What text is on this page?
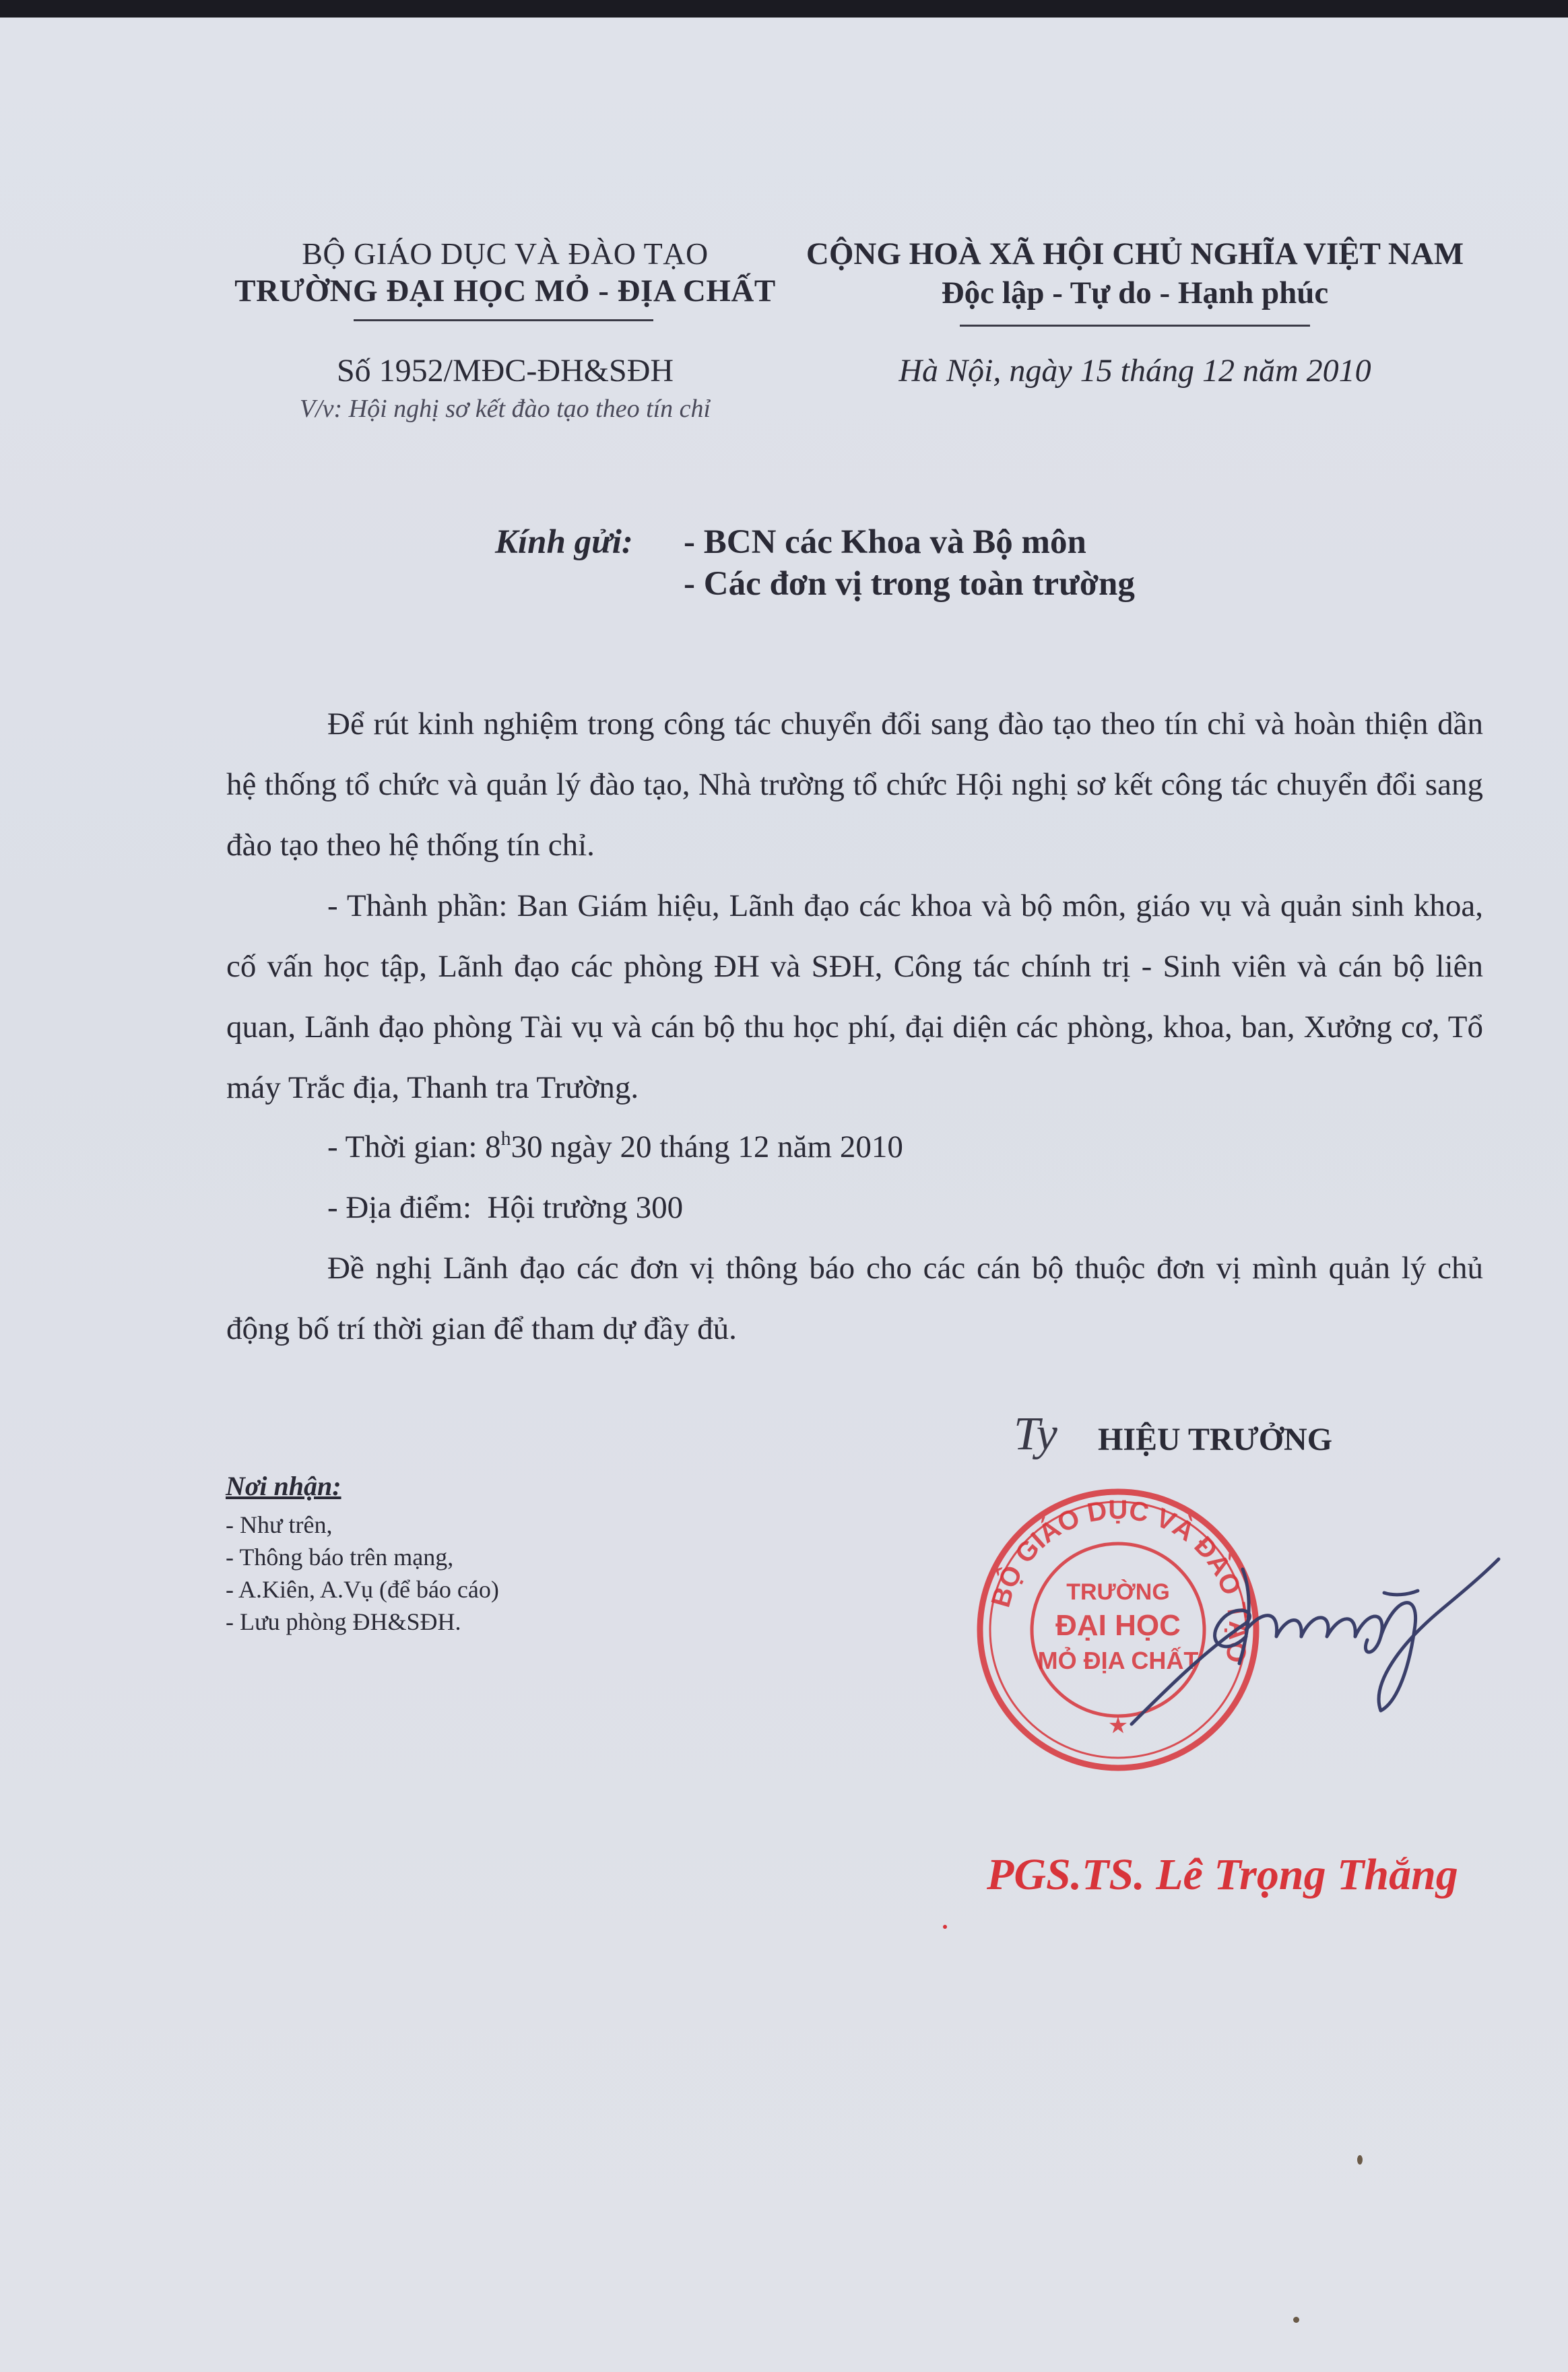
BỘ GIÁO DỤC VÀ ĐÀO TẠO
TRƯỜNG ĐẠI HỌC MỎ - ĐỊA CHẤT
CỘNG HOÀ XÃ HỘI CHỦ NGHĨA VIỆT NAM
Độc lập - Tự do - Hạnh phúc
Số 1952/MĐC-ĐH&SĐH
V/v: Hội nghị sơ kết đào tạo theo tín chỉ
Hà Nội, ngày 15 tháng 12 năm 2010
Kính gửi: - BCN các Khoa và Bộ môn
- Các đơn vị trong toàn trường
Để rút kinh nghiệm trong công tác chuyển đổi sang đào tạo theo tín chỉ và hoàn thiện dần hệ thống tổ chức và quản lý đào tạo, Nhà trường tổ chức Hội nghị sơ kết công tác chuyển đổi sang đào tạo theo hệ thống tín chỉ.
- Thành phần: Ban Giám hiệu, Lãnh đạo các khoa và bộ môn, giáo vụ và quản sinh khoa, cố vấn học tập, Lãnh đạo các phòng ĐH và SĐH, Công tác chính trị - Sinh viên và cán bộ liên quan, Lãnh đạo phòng Tài vụ và cán bộ thu học phí, đại diện các phòng, khoa, ban, Xưởng cơ, Tổ máy Trắc địa, Thanh tra Trường.
- Thời gian: 8$^h$30 ngày 20 tháng 12 năm 2010
- Địa điểm:  Hội trường 300
Đề nghị Lãnh đạo các đơn vị thông báo cho các cán bộ thuộc đơn vị mình quản lý chủ động bố trí thời gian để tham dự đầy đủ.
Ty HIỆU TRƯỞNG
Nơi nhận:
- Như trên,
- Thông báo trên mạng,
- A.Kiên, A.Vụ (để báo cáo)
- Lưu phòng ĐH&SĐH.
BỘ GIÁO DỤC VÀ ĐÀO TẠO
TRƯỜNG
ĐẠI HỌC
MỎ ĐỊA CHẤT
★
PGS.TS. Lê Trọng Thắng
